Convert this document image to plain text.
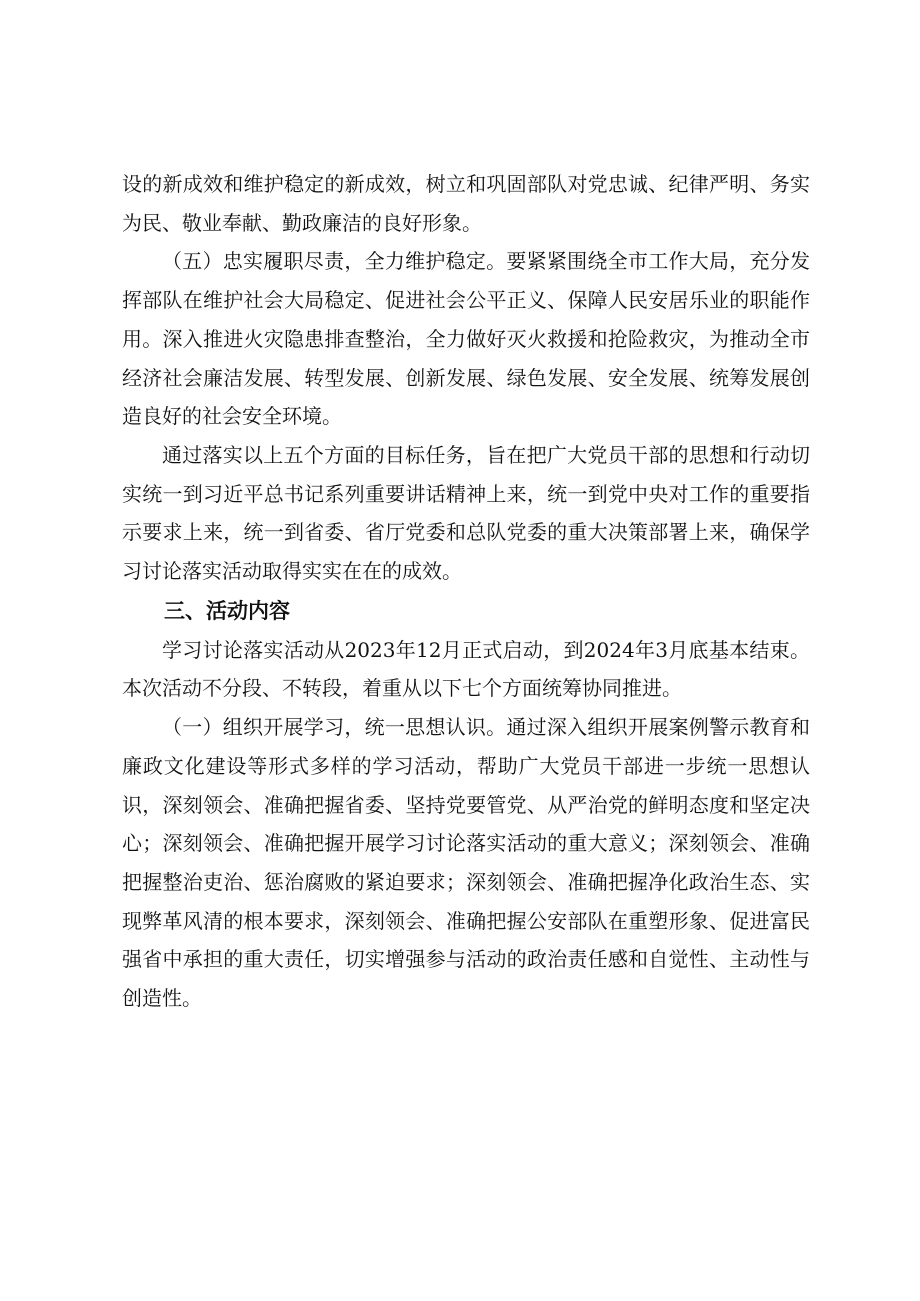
设的新成效和维护稳定的新成效，树立和巩固部队对党忠诚、纪律严明、务实为民、敬业奉献、勤政廉洁的良好形象。

（五）忠实履职尽责，全力维护稳定。要紧紧围绕全市工作大局，充分发挥部队在维护社会大局稳定、促进社会公平正义、保障人民安居乐业的职能作用。深入推进火灾隐患排查整治，全力做好灭火救援和抢险救灾，为推动全市经济社会廉洁发展、转型发展、创新发展、绿色发展、安全发展、统筹发展创造良好的社会安全环境。

通过落实以上五个方面的目标任务，旨在把广大党员干部的思想和行动切实统一到习近平总书记系列重要讲话精神上来，统一到党中央对工作的重要指示要求上来，统一到省委、省厅党委和总队党委的重大决策部署上来，确保学习讨论落实活动取得实实在在的成效。

三、活动内容

学习讨论落实活动从2023年12月正式启动，到2024年3月底基本结束。本次活动不分段、不转段，着重从以下七个方面统筹协同推进。

（一）组织开展学习，统一思想认识。通过深入组织开展案例警示教育和廉政文化建设等形式多样的学习活动，帮助广大党员干部进一步统一思想认识，深刻领会、准确把握省委、坚持党要管党、从严治党的鲜明态度和坚定决心；深刻领会、准确把握开展学习讨论落实活动的重大意义；深刻领会、准确把握整治吏治、惩治腐败的紧迫要求；深刻领会、准确把握净化政治生态、实现弊革风清的根本要求，深刻领会、准确把握公安部队在重塑形象、促进富民强省中承担的重大责任，切实增强参与活动的政治责任感和自觉性、主动性与创造性。
